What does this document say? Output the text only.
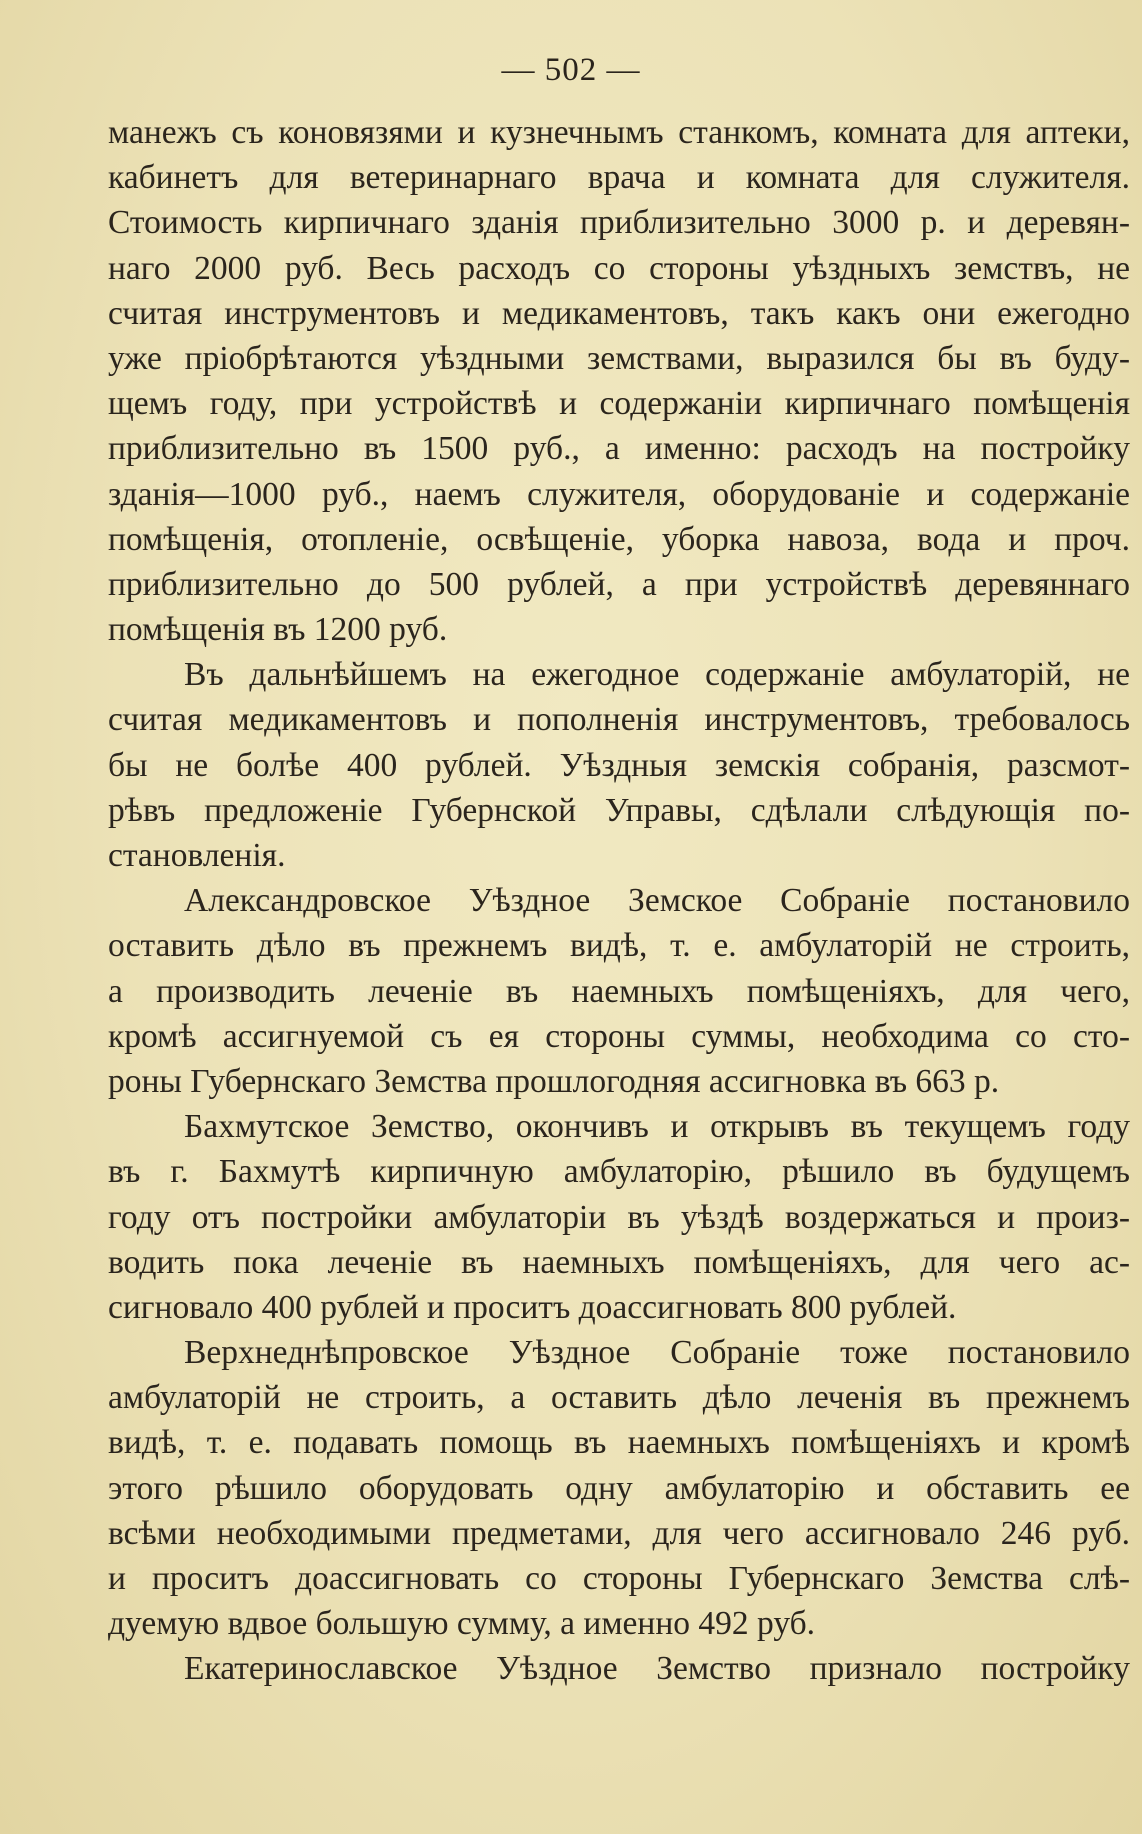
— 502 —
манежъ съ коновязями и кузнечнымъ станкомъ, комната для аптеки,
кабинетъ для ветеринарнаго врача и комната для служителя.
Стоимость кирпичнаго зданія приблизительно 3000 р. и деревян-
наго 2000 руб. Весь расходъ со стороны уѣздныхъ земствъ, не
считая инструментовъ и медикаментовъ, такъ какъ они ежегодно
уже пріобрѣтаются уѣздными земствами, выразился бы въ буду-
щемъ году, при устройствѣ и содержаніи кирпичнаго помѣщенія
приблизительно въ 1500 руб., а именно: расходъ на постройку
зданія—1000 руб., наемъ служителя, оборудованіе и содержаніе
помѣщенія, отопленіе, освѣщеніе, уборка навоза, вода и проч.
приблизительно до 500 рублей, а при устройствѣ деревяннаго
помѣщенія въ 1200 руб.
Въ дальнѣйшемъ на ежегодное содержаніе амбулаторій, не
считая медикаментовъ и пополненія инструментовъ, требовалось
бы не болѣе 400 рублей. Уѣздныя земскія собранія, разсмот-
рѣвъ предложеніе Губернской Управы, сдѣлали слѣдующія по-
становленія.
Александровское Уѣздное Земское Собраніе постановило
оставить дѣло въ прежнемъ видѣ, т. е. амбулаторій не строить,
а производить леченіе въ наемныхъ помѣщеніяхъ, для чего,
кромѣ ассигнуемой съ ея стороны суммы, необходима со сто-
роны Губернскаго Земства прошлогодняя ассигновка въ 663 р.
Бахмутское Земство, окончивъ и открывъ въ текущемъ году
въ г. Бахмутѣ кирпичную амбулаторію, рѣшило въ будущемъ
году отъ постройки амбулаторіи въ уѣздѣ воздержаться и произ-
водить пока леченіе въ наемныхъ помѣщеніяхъ, для чего ас-
сигновало 400 рублей и проситъ доассигновать 800 рублей.
Верхнеднѣпровское Уѣздное Собраніе тоже постановило
амбулаторій не строить, а оставить дѣло леченія въ прежнемъ
видѣ, т. е. подавать помощь въ наемныхъ помѣщеніяхъ и кромѣ
этого рѣшило оборудовать одну амбулаторію и обставить ее
всѣми необходимыми предметами, для чего ассигновало 246 руб.
и проситъ доассигновать со стороны Губернскаго Земства слѣ-
дуемую вдвое большую сумму, а именно 492 руб.
Екатеринославское Уѣздное Земство признало постройку
